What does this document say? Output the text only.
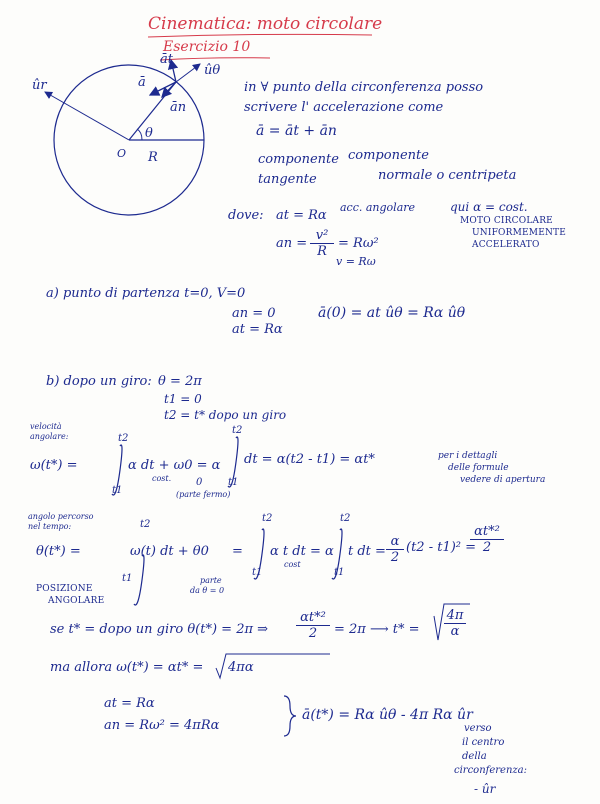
Cinematica: moto circolare
Esercizio 10
ûr
āt
ā
ān
ûθ
θ
O R
in ∀ punto della circonferenza posso
scrivere l' accelerazione come
ā = āt + ān
componente
tangente
componente
normale o centripeta
dove: at = Rα
acc. angolare	qui α = cost.
MOTO CIRCOLARE
UNIFORMEMENTE
ACCELERATO
an = $\frac{\text{v²}}{R} = R\omega^2$
v = Rω
a) punto di partenza t=0, V=0
an = 0
at = Rα
ā(0) = at ûθ = Rα ûθ
b) dopo un giro: θ = 2π
t1 = 0
t2 = t* dopo un giro
velocità
angolare:
ω(t*) =	α dt + ω0 = α dt = α(t2 - t1) = αt*
t2
t1
cost. 0
(parte fermo)
t2
t1
per i dettagli
delle formule
vedere di apertura
angolo percorso
nel tempo:
θ(t*) =	ω(t) dt + θ0 = α t dt = α t dt = $\frac{\alpha}{2} (t2 - t1)^2$ =
$\frac{\text{αt*²}}{2}$
t2
t1
t2
t1
t2
t1
cost
POSIZIONE
ANGOLARE
parte
da θ = 0
se t* = dopo un giro θ(t*) = 2π ⇒ $\frac{\text{αt*²}}{2} = 2\pi$ ⟶ $t* = \frac{4\pi}{\alpha}$
ma allora ω(t*) = αt* = 4πα
at = Rα
an = Rω² = 4πRα
ā(t*) = Rα ûθ - 4π Rα ûr
verso
il centro
della
circonferenza:
- ûr
